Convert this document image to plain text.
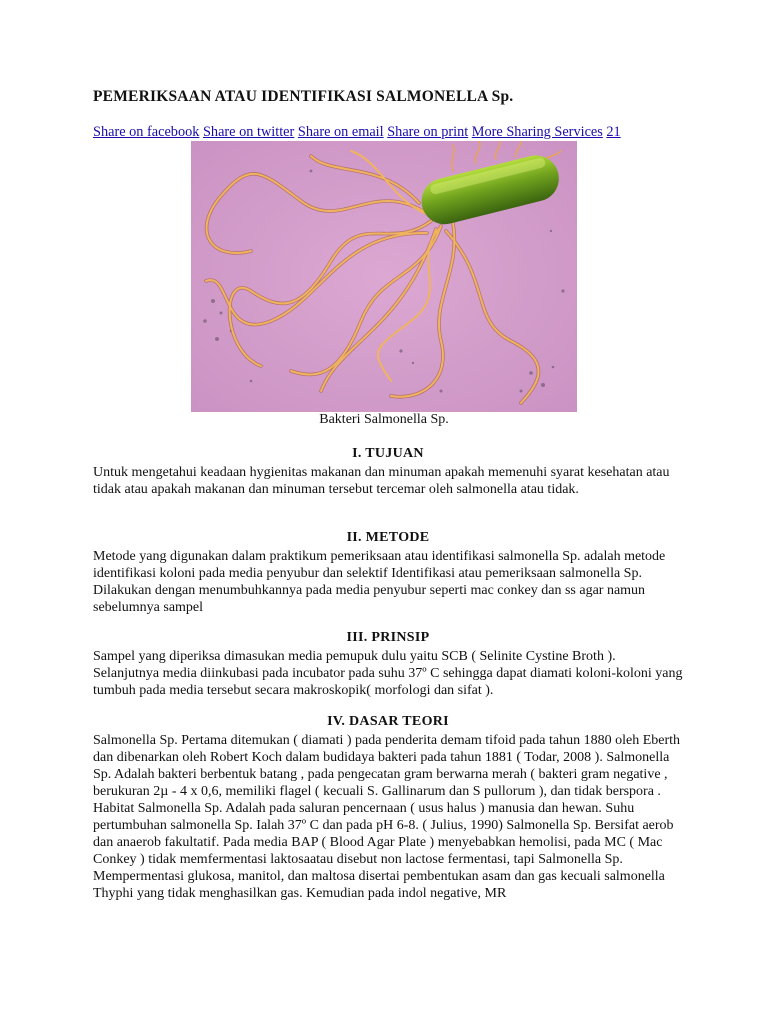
PEMERIKSAAN ATAU IDENTIFIKASI SALMONELLA Sp.
Share on facebook Share on twitter Share on email Share on print More Sharing Services 21
Bakteri Salmonella Sp.
I. TUJUAN

Untuk mengetahui keadaan hygienitas makanan dan minuman apakah memenuhi syarat kesehatan atau tidak atau apakah makanan dan minuman tersebut tercemar oleh salmonella atau tidak.

II. METODE

Metode yang digunakan dalam praktikum pemeriksaan atau identifikasi salmonella Sp. adalah metode identifikasi koloni pada media penyubur dan selektif Identifikasi atau pemeriksaan salmonella Sp. Dilakukan dengan menumbuhkannya pada media penyubur seperti mac conkey dan ss agar namun sebelumnya sampel

III. PRINSIP

Sampel yang diperiksa dimasukan media pemupuk dulu yaitu SCB ( Selinite Cystine Broth ). Selanjutnya media diinkubasi pada incubator pada suhu 37º C sehingga dapat diamati koloni-koloni yang tumbuh pada media tersebut secara makroskopik( morfologi dan sifat ).

IV. DASAR TEORI

Salmonella Sp. Pertama ditemukan ( diamati ) pada penderita demam tifoid pada tahun 1880 oleh Eberth dan dibenarkan oleh Robert Koch dalam budidaya bakteri pada tahun 1881 ( Todar, 2008 ). Salmonella Sp. Adalah bakteri berbentuk batang , pada pengecatan gram berwarna merah ( bakteri gram negative , berukuran 2µ - 4 x 0,6, memiliki flagel ( kecuali S. Gallinarum dan S pullorum ), dan tidak berspora . Habitat Salmonella Sp. Adalah pada saluran pencernaan ( usus halus ) manusia dan hewan. Suhu pertumbuhan salmonella Sp. Ialah 37º C dan pada pH 6-8. ( Julius, 1990) Salmonella Sp. Bersifat aerob dan anaerob fakultatif. Pada media BAP ( Blood Agar Plate ) menyebabkan hemolisi, pada MC ( Mac Conkey ) tidak memfermentasi laktosaatau disebut non lactose fermentasi, tapi Salmonella Sp. Mempermentasi glukosa, manitol, dan maltosa disertai pembentukan asam dan gas kecuali salmonella Thyphi yang tidak menghasilkan gas. Kemudian pada indol negative, MR
